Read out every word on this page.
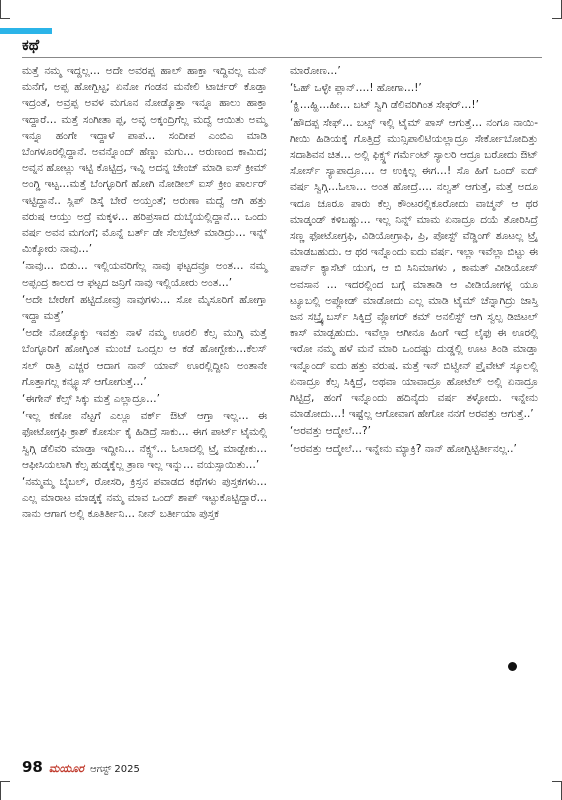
ಕಥೆ

ಮತ್ತೆ ನಮ್ಮ ಇದ್ದಲ್ಲ… ಅದೇ ಅವರಪ್ಪ ಹಾಲ್ ಹಾಕ್ತಾ ಇದ್ದಿವಲ್ಲ ಮನ್ ಮನೆಗೆ, ಅಪ್ಪ ಹೋಗ್ಬಿಟ್ಟ; ಏನೋ ಗಂಡನ ಮನೇಲಿ ಟಾರ್ಚರ್ ಕೊಡ್ತಾ ಇದ್ರಂತೆ, ಅವ್ರಪ್ಪ ಅವಳ ಮಗೂನ ನೋಡ್ಕೊತ್ತಾ ಇನ್ನೂ ಹಾಲು ಹಾಕ್ತಾ ಇದ್ದಾರೆ… ಮತ್ತೆ ಸಂಗೀತಾ ಪ್ಪ, ಅವ್ಳ ಅಕ್ಕಂದ್ರಿಗೆಲ್ಲ ಮದ್ವೆ ಆಯಿತು ಅಮ್ಮ ಇನ್ನೂ ಹಂಗೇ ಇದ್ದಾಳೆ ಪಾಪ… ಸಂದೀಪ ಎಂಬಿಎ ಮಾಡಿ ಬೆಂಗಳೂರಲ್ಲಿದ್ದಾನೆ. ಅವನ್ನೊಂದ್ ಹೆಣ್ಣು ಮಗು… ಅರುಣಂದ ಕಾಮಿದ; ಅವ್ನನ ಹೋಟ್ಲು ಇಟ್ಟಿ ಕೊಟ್ಟಿದ್ರ, ಇವ್ನಿ ಅದನ್ನ ಚೇಂಜ್ ಮಾಡಿ ಐಸ್ ಕ್ರೀಮ್ ಅಂಗ್ಡಿ ಇಟ್ಟ…ಮತ್ತೆ ಬೆಂಗ್ಳೂರಿಗೆ ಹೋಗಿ ನೋಡೀಲ್ ಐಸ್ ಕ್ರೀಂ ಪಾರ್ಲರ್ ಇಟ್ಟಿದ್ದಾನೆ.. ಸ್ಲಿಪ್ ಡಿಸ್ಕೆ ಬೇರೆ ಅಯ್ತಂತೆ; ಅರುಣಾ ಮದ್ವೆ ಆಗಿ ಹತ್ತು ವರುಷ ಆಯ್ತು ಅದ್ರೆ ಮಕ್ಕಳ… ಹರಿಪ್ರಸಾದ ದುಬೈಯಲ್ಲಿದ್ದಾನೆ… ಒಂದು ವರ್ಷ ಅವನ ಮಗಂಗೆ; ಮೊನ್ನೆ ಬರ್ತ್ ಡೇ ಸೆಲಬ್ರೇಟ್ ಮಾಡಿದ್ರು… ಇನ್ನ್ ಮಿಕ್ಕೋರು ನಾವು…’

‘ನಾವು… ಬಿಡು… ಇಲ್ಲಿಯವರಿಗೆಲ್ಲ ನಾವು ಫಟ್ಟದವ್ರೂ ಅಂತ… ನಮ್ಮ ಅಪ್ಪಂದ್ರ ಕಾಲದ ಆ ಫಟ್ಟದ ಜನ್ರಿಗೆ ನಾವು ಇಲ್ಲಿಯೋರು ಅಂತ…’

‘ಅದೇ ಬೇರೇಗೆ ಹಟ್ಟಿದೋವ್ರು ನಾವುಗಳು… ಸೋ ಮೈಸೂರಿಗೆ ಹೋಗ್ತಾ ಇದ್ದಾ ಮತ್ತೆ’

‘ಅದೇ ನೋಡ್ಕೊಕ್ಕು ಇವತ್ತು ನಾಳೆ ನಮ್ಮ ಊರಲಿ ಕೆಲ್ಸ ಮುಗ್ಸಿ ಮತ್ತೆ ಬೆಂಗ್ಳೂರಿಗೆ ಹೋಗ್ಕಿಂತ ಮುಂಚೆ ಒಂದ್ಸಲ ಆ ಕಡೆ ಹೋಗ್ಬೇಕು…ಕೆಲಸ್ ಸಲ್ ರಾತ್ರಿ ಎಚ್ಚರ ಆದಾಗ ನಾನ್ ಯಾವ್ ಊರಲ್ಲಿದ್ದೀನಿ ಅಂತಾನೇ ಗೊತ್ತಾಗಲ್ಲ ಕನ್ಫ್ಯೂಸ್ ಆಗೋಗುತ್ತೆ…’

‘ಈಗೇನ್ ಕೆಲ್ಸ್ ಸಿಕ್ಕು ಮತ್ತೆ ಎಲ್ಲಾದ್ರೂ…’

‘ಇಲ್ಲ ಕಣೋ ನೆಟ್ಟಗೆ ಎಲ್ಲೂ ವರ್ಕ್ ಔಟ್ ಆಗ್ತಾ ಇಲ್ಲ… ಈ ಫೋಟೋಗ್ರಫಿ ಕ್ರಾಶ್ ಕೋರ್ಸು ಕೈ ಹಿಡಿದ್ರೆ ಸಾಕು… ಈಗ ಪಾರ್ಟ್ ಟೈಮಲ್ಲಿ ಸ್ವಿಗ್ಗಿ ಡೆಲಿವರಿ ಮಾಡ್ತಾ ಇದ್ದೀನಿ… ನೆಕ್ಸ್ಟ್… ಓಲಾದಲ್ಲಿ ಟ್ರೈ ಮಾಡ್ಬೇಕು… ಆಫೀಸಿಯಲಾಗಿ ಕೆಲ್ಸ ಹುಡ್ಕಕ್ಕೆಲ್ಲ ತ್ರಾಣ ಇಲ್ಲ ಇನ್ನು… ವಯಸ್ಸಾಯಿತು…’

‘ನಮ್ಮಮ್ಮ ಬೈಬಲ್, ರೋಸರಿ, ಕ್ರಿಸ್ತನ ಪವಾಡದ ಕಥೆಗಳು ಪುಸ್ತಕಗಳು… ಎಲ್ಲ ಮಾರಾಟ ಮಾಡ್ಕಕ್ಕೆ ನಮ್ಮ ಮಾವ ಒಂದ್ ಶಾಪ್ ಇಟ್ಟುಕೊಟ್ಟಿದ್ದಾರೆ…ನಾನು ಆಗಾಗ ಅಲ್ಲಿ ಕೂತಿರ್ತೀನಿ… ನೀನ್ ಬರ್ತೀಯಾ ಪುಸ್ತಕ

ಮಾರೋಣ…’

‘ಓಹ್ ಒಳ್ಳೇ ಪ್ಲಾನ್….! ಹೋಗಾ…!’

‘ಕ್ಹಿ…ಹ್ಹಿ…ಹೀ… ಬಟ್ ಸ್ವಿಗಿ ಡೆಲಿವರಿಗಿಂತ ಸೇಫರ್…!’

‘ಹೌದಪ್ಪ ಸೇಫ್… ಬಟ್ಸ್ ಇಲ್ಲಿ ಟೈಮ್ ಪಾಸ್ ಆಗುತ್ತೆ… ನಂಗೂ ನಾಯಿ-ಗೀಯಿ ಹಿಡಿಯಕ್ಕೆ ಗೊತ್ತಿದ್ರೆ ಮುನ್ಸಿಪಾಲಿಟಿಯಲ್ಲಾದ್ರೂ ಸೇರ್ಕೋಬೋದಿತ್ತು ಸದಾಶಿವನ ಚಿತ… ಅಲ್ಲಿ ಫಿಕ್ಸ್ಡ್ ಗರ್ಮೆಂಟ್ ಸ್ಯಾಲರಿ ಆದ್ರೂ ಬರೋದು ಔಟ್ ಸೋರ್ಸ್ ಸ್ಯಾಪಾದ್ರೂ…. ಆ ಉಕ್ಕಿಲ್ಲ ಈಗ…! ಸೊ ಹಿಗೆ ಒಂದ್ ಐದ್ ವರ್ಷ ಸ್ವಿಗ್ಗಿ…ಓಲಾ… ಅಂತ ಹೋದ್ರೆ…. ನಲ್ವತ್ ಆಗುತ್ತೆ, ಮತ್ತೆ ಅದೂ ಇದೂ ಚೂರೂ ಪಾರು ಕೆಲ್ಸ ಕೌಂಟರಲ್ಲಿಕೂರೋದು ವಾಚ್ಮನ್ ಆ ಥರ ಮಾಡ್ಕಂಡ್ ಕಳಿಬಹ್ದು… ಇಲ್ಲ ನಿನ್ನ್ ಮಾಮ ಏನಾದ್ರೂ ದಯೆ ತೋರಿಸಿದ್ರೆ ಸಣ್ಣ ಫೋಟೋಗ್ರಫಿ, ವಿಡಿಯೋಗ್ರಾಫಿ, ಪ್ರಿ, ಪೋಸ್ಟ್ ವೆಡ್ಡಿಂಗ್ ಶೂಟಲ್ಲ ಟ್ರೈ ಮಾಡಬಹುದು. ಆ ಥರ ಇನ್ನೊಂದು ಐದು ವರ್ಷ. ಇಲ್ಲಾ ಇವೆಲ್ಲಾ ಬಿಟ್ಟು ಈ ಪಾರ್ನ್ ಕ್ಯಾಸೆಟ್ ಯುಗ, ಆ ಬಿ ಸಿನಿಮಾಗಳು , ಕಾಮತ್ ವೀಡಿಯೋಸ್ ಅವಸಾನ … ಇದರಲ್ಲಿಂದ ಬಗ್ಗೆ ಮಾತಾಡಿ ಆ ವೀಡಿಯೋಗಳ್ಲ ಯೂ ಟ್ಯೂಬಲ್ಲಿ ಅಪ್ಲೋಡ್ ಮಾಡೋದು ಎಲ್ಲ ಮಾಡಿ ಟೈಮ್ ಚೆನ್ನಾಗಿದ್ರು ಜಾಸ್ತಿ ಜನ ಸಬ್ಸ್ಕ್ರೈಬರ್ಸ್ ಸಿಕ್ಕಿದ್ರೆ ವ್ಲೋಗರ್ ಕಮ್ ಅನಲಿಸ್ಟ್ ಆಗಿ ಸ್ವಲ್ಪ ಡಿಜಿಟಲ್ ಕಾಸ್ ಮಾಡ್ಬಹುದು. ಇವೆಲ್ಲಾ ಆಗೀನೂ ಹಿಂಗೆ ಇದ್ರೆ ಲೈಫು ಈ ಊರಲ್ಲಿ ಇರೋ ನಮ್ಮ ಹಳೆ ಮನೆ ಮಾರಿ ಒಂದಷ್ಟು ದುಡ್ಡಲ್ಲಿ ಊಟ ತಿಂಡಿ ಮಾಡ್ತಾ ಇನ್ನೊಂದ್ ಐದು ಹತ್ತು ವರುಷ. ಮತ್ತೆ ಇನ್ ಬಿಟ್ವೀನ್ ಪ್ರೈವೇಟ್ ಸ್ಕೂಲಲ್ಲಿ ಏನಾದ್ರೂ ಕೆಲ್ಸ ಸಿಕ್ಕಿದ್ರೆ, ಅಥವಾ ಯಾವಾದ್ರೂ ಹೋಟೆಲ್ ಅಲ್ಲಿ ಏನಾದ್ರೂ ಗಿಟ್ಟಿದ್ರೆ, ಹಂಗೆ ಇನ್ನೊಂದು ಹದಿನೈದು ವರ್ಷ ತಳ್ಳೋದು. ಇನ್ನೇನು ಮಾಡೋದು…! ಇಷ್ಟೆಲ್ಲ ಆಗೋವಾಗ ಹೇಗೋ ನನಗೆ ಅರವತ್ತು ಆಗುತ್ತೆ..’

‘ಅರವತ್ತು ಆದ್ಮೇಲೆ…?’

‘ಅರವತ್ತು ಆದ್ಮೇಲೆ… ಇನ್ನೇನು ಮ್ಯಾಕ್ರಿ? ನಾನ್ ಹೋಗ್ಬಿಟ್ಟಿರ್ತೀನಲ್ಲ..’

98 ಮಯೂರ ಆಗಸ್ಟ್ 2025
